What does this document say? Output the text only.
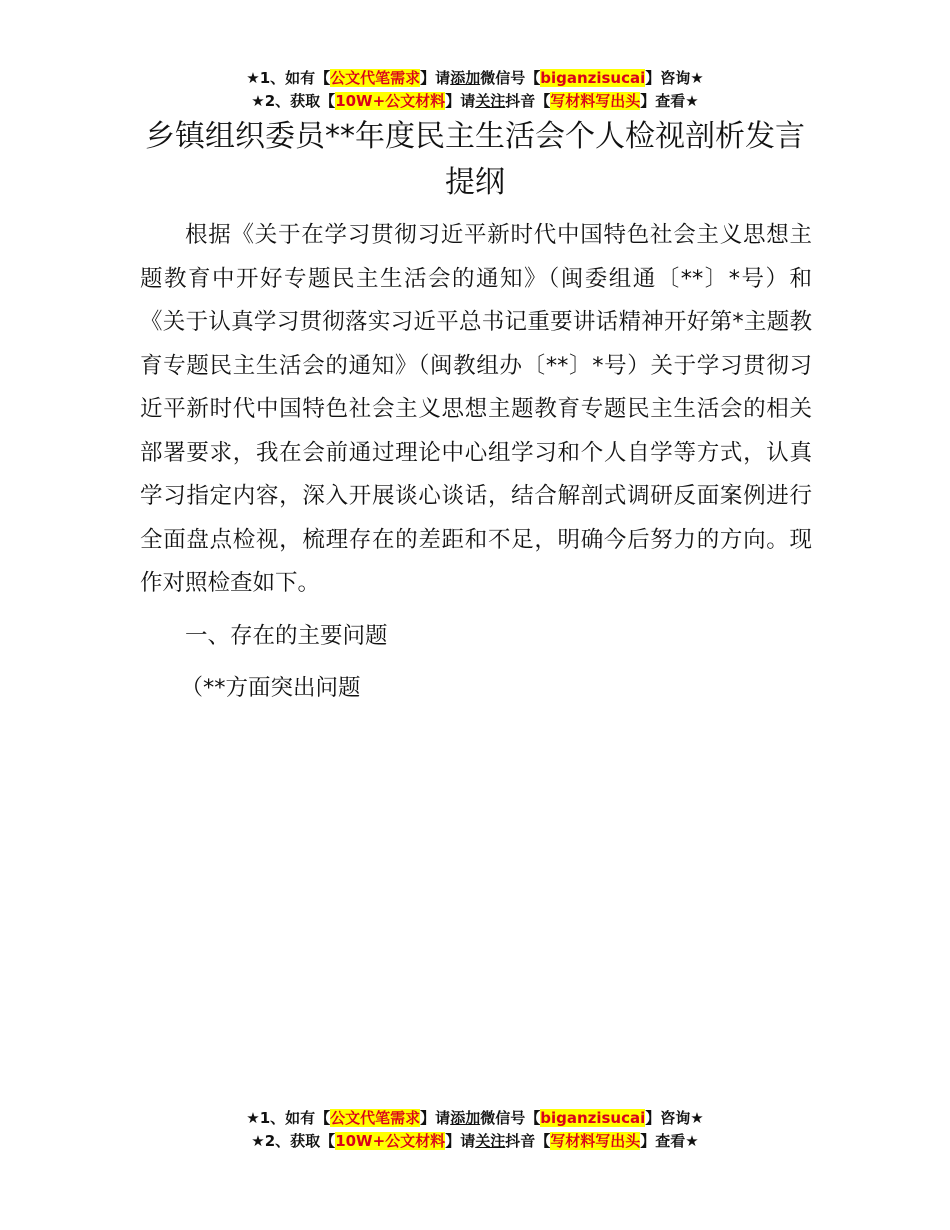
★1、如有【公文代笔需求】请添加微信号【biganzisucai】咨询★
★2、获取【10W+公文材料】请关注抖音【写材料写出头】查看★
乡镇组织委员**年度民主生活会个人检视剖析发言提纲

根据《关于在学习贯彻习近平新时代中国特色社会主义思想主题教育中开好专题民主生活会的通知》（闽委组通〔**〕*号）和《关于认真学习贯彻落实习近平总书记重要讲话精神开好第*主题教育专题民主生活会的通知》（闽教组办〔**〕*号）关于学习贯彻习近平新时代中国特色社会主义思想主题教育专题民主生活会的相关部署要求，我在会前通过理论中心组学习和个人自学等方式，认真学习指定内容，深入开展谈心谈话，结合解剖式调研反面案例进行全面盘点检视，梳理存在的差距和不足，明确今后努力的方向。现作对照检查如下。

一、存在的主要问题

（**方面突出问题

★1、如有【公文代笔需求】请添加微信号【biganzisucai】咨询★
★2、获取【10W+公文材料】请关注抖音【写材料写出头】查看★
